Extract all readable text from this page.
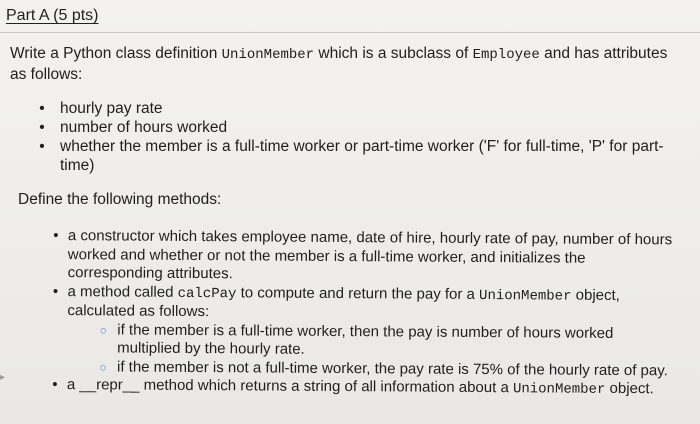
Part A (5 pts)
Write a Python class definition UnionMember which is a subclass of Employee and has attributes as follows:
• hourly pay rate
• number of hours worked
• whether the member is a full-time worker or part-time worker ('F' for full-time, 'P' for part-time)
Define the following methods:
• a constructor which takes employee name, date of hire, hourly rate of pay, number of hours worked and whether or not the member is a full-time worker, and initializes the corresponding attributes.
• a method called calcPay to compute and return the pay for a UnionMember object, calculated as follows:
○ if the member is a full-time worker, then the pay is number of hours worked multiplied by the hourly rate.
○ if the member is not a full-time worker, the pay rate is 75% of the hourly rate of pay.
• a __repr__ method which returns a string of all information about a UnionMember object.
▸
